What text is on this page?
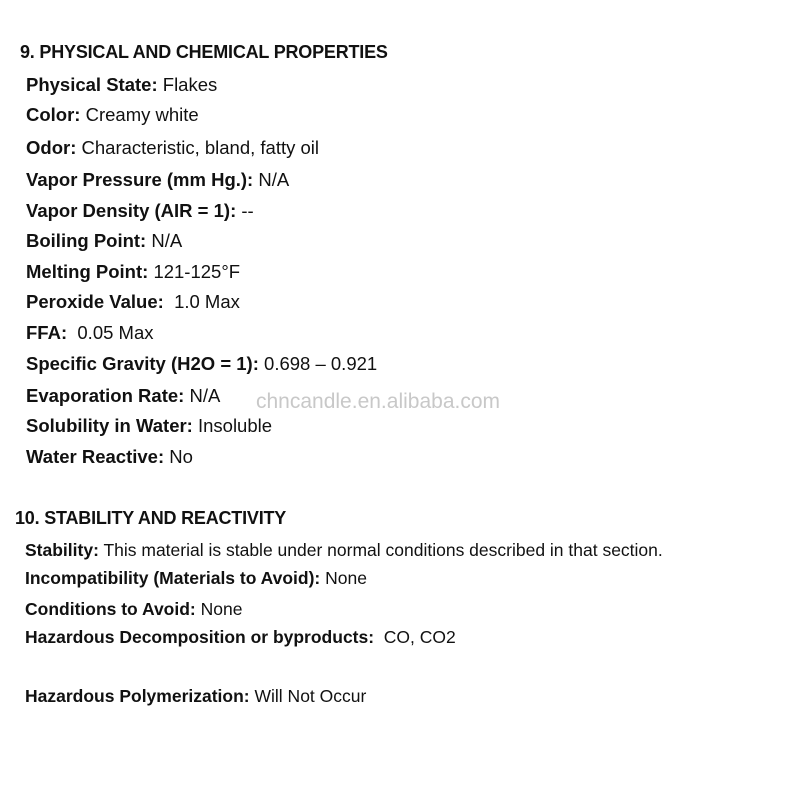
9. PHYSICAL AND CHEMICAL PROPERTIES
Physical State: Flakes
Color: Creamy white
Odor: Characteristic, bland, fatty oil
Vapor Pressure (mm Hg.): N/A
Vapor Density (AIR = 1): --
Boiling Point: N/A
Melting Point: 121-125°F
Peroxide Value: 1.0 Max
FFA: 0.05 Max
Specific Gravity (H2O = 1): 0.698 – 0.921
Evaporation Rate: N/A
Solubility in Water: Insoluble
Water Reactive: No
chncandle.en.alibaba.com
10. STABILITY AND REACTIVITY
Stability: This material is stable under normal conditions described in that section.
Incompatibility (Materials to Avoid): None
Conditions to Avoid: None
Hazardous Decomposition or byproducts: CO, CO2
Hazardous Polymerization: Will Not Occur
